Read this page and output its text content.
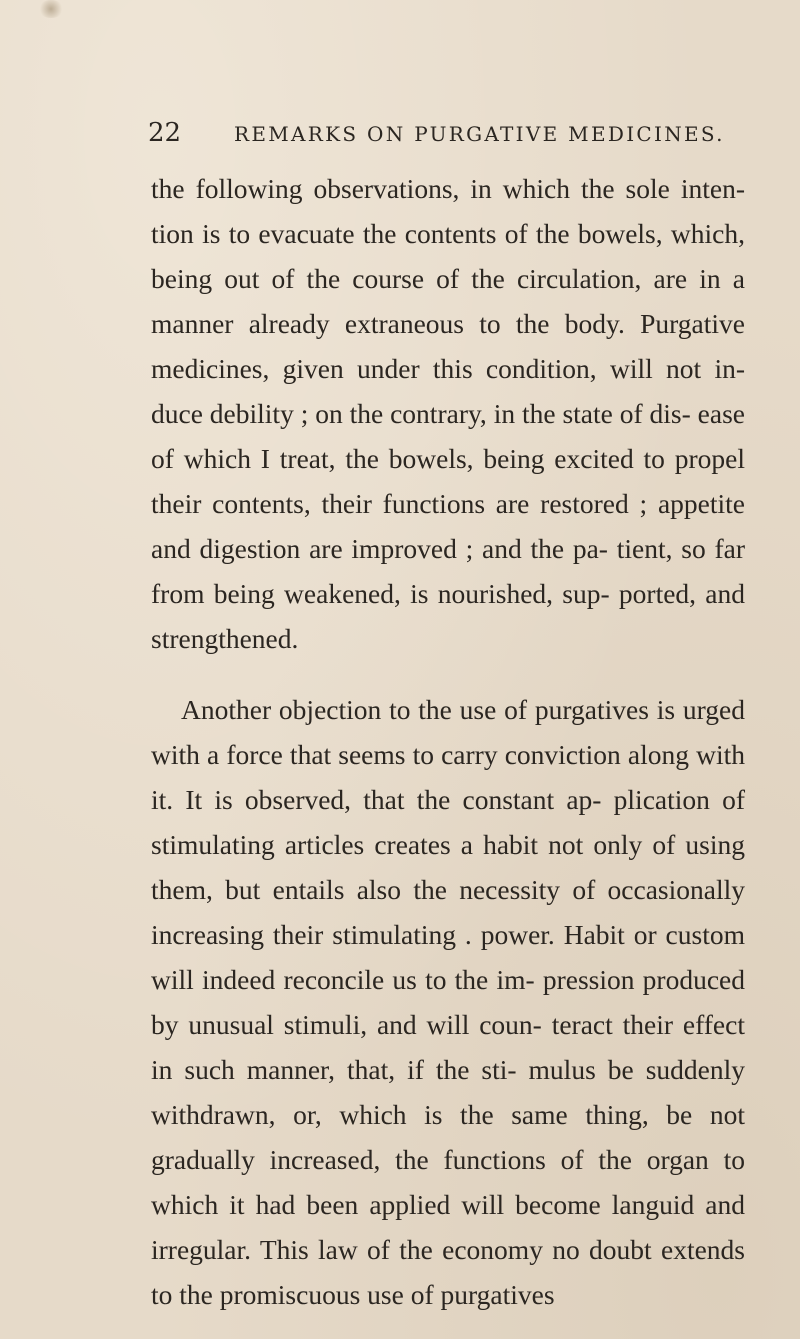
22	REMARKS ON PURGATIVE MEDICINES.

the following observations, in which the sole inten- tion is to evacuate the contents of the bowels, which, being out of the course of the circulation, are in a manner already extraneous to the body. Purgative medicines, given under this condition, will not in- duce debility ; on the contrary, in the state of dis- ease of which I treat, the bowels, being excited to propel their contents, their functions are restored ; appetite and digestion are improved ; and the pa- tient, so far from being weakened, is nourished, sup- ported, and strengthened.

Another objection to the use of purgatives is urged with a force that seems to carry conviction along with it. It is observed, that the constant ap- plication of stimulating articles creates a habit not only of using them, but entails also the necessity of occasionally increasing their stimulating . power. Habit or custom will indeed reconcile us to the im- pression produced by unusual stimuli, and will coun- teract their effect in such manner, that, if the sti- mulus be suddenly withdrawn, or, which is the same thing, be not gradually increased, the functions of the organ to which it had been applied will become languid and irregular. This law of the economy no doubt extends to the promiscuous use of purgatives
